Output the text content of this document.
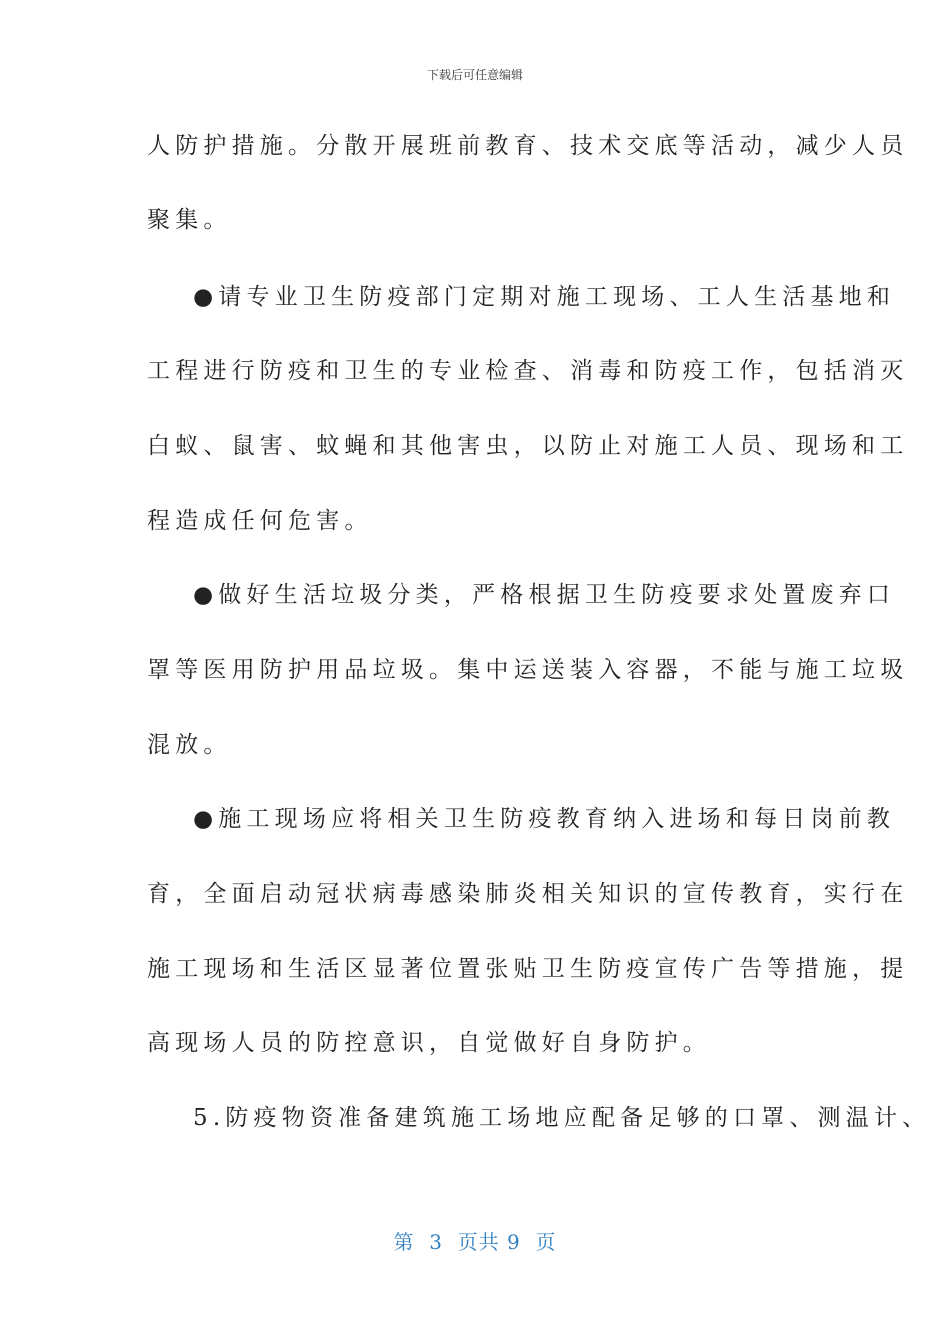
下载后可任意编辑
人防护措施。分散开展班前教育、技术交底等活动，减少人员
聚集。
●请专业卫生防疫部门定期对施工现场、工人生活基地和
工程进行防疫和卫生的专业检查、消毒和防疫工作，包括消灭
白蚁、鼠害、蚊蝇和其他害虫，以防止对施工人员、现场和工
程造成任何危害。
●做好生活垃圾分类，严格根据卫生防疫要求处置废弃口
罩等医用防护用品垃圾。集中运送装入容器，不能与施工垃圾
混放。
●施工现场应将相关卫生防疫教育纳入进场和每日岗前教
育，全面启动冠状病毒感染肺炎相关知识的宣传教育，实行在
施工现场和生活区显著位置张贴卫生防疫宣传广告等措施，提
高现场人员的防控意识，自觉做好自身防护。
5.防疫物资准备建筑施工场地应配备足够的口罩、测温计、
第  3  页共 9  页
